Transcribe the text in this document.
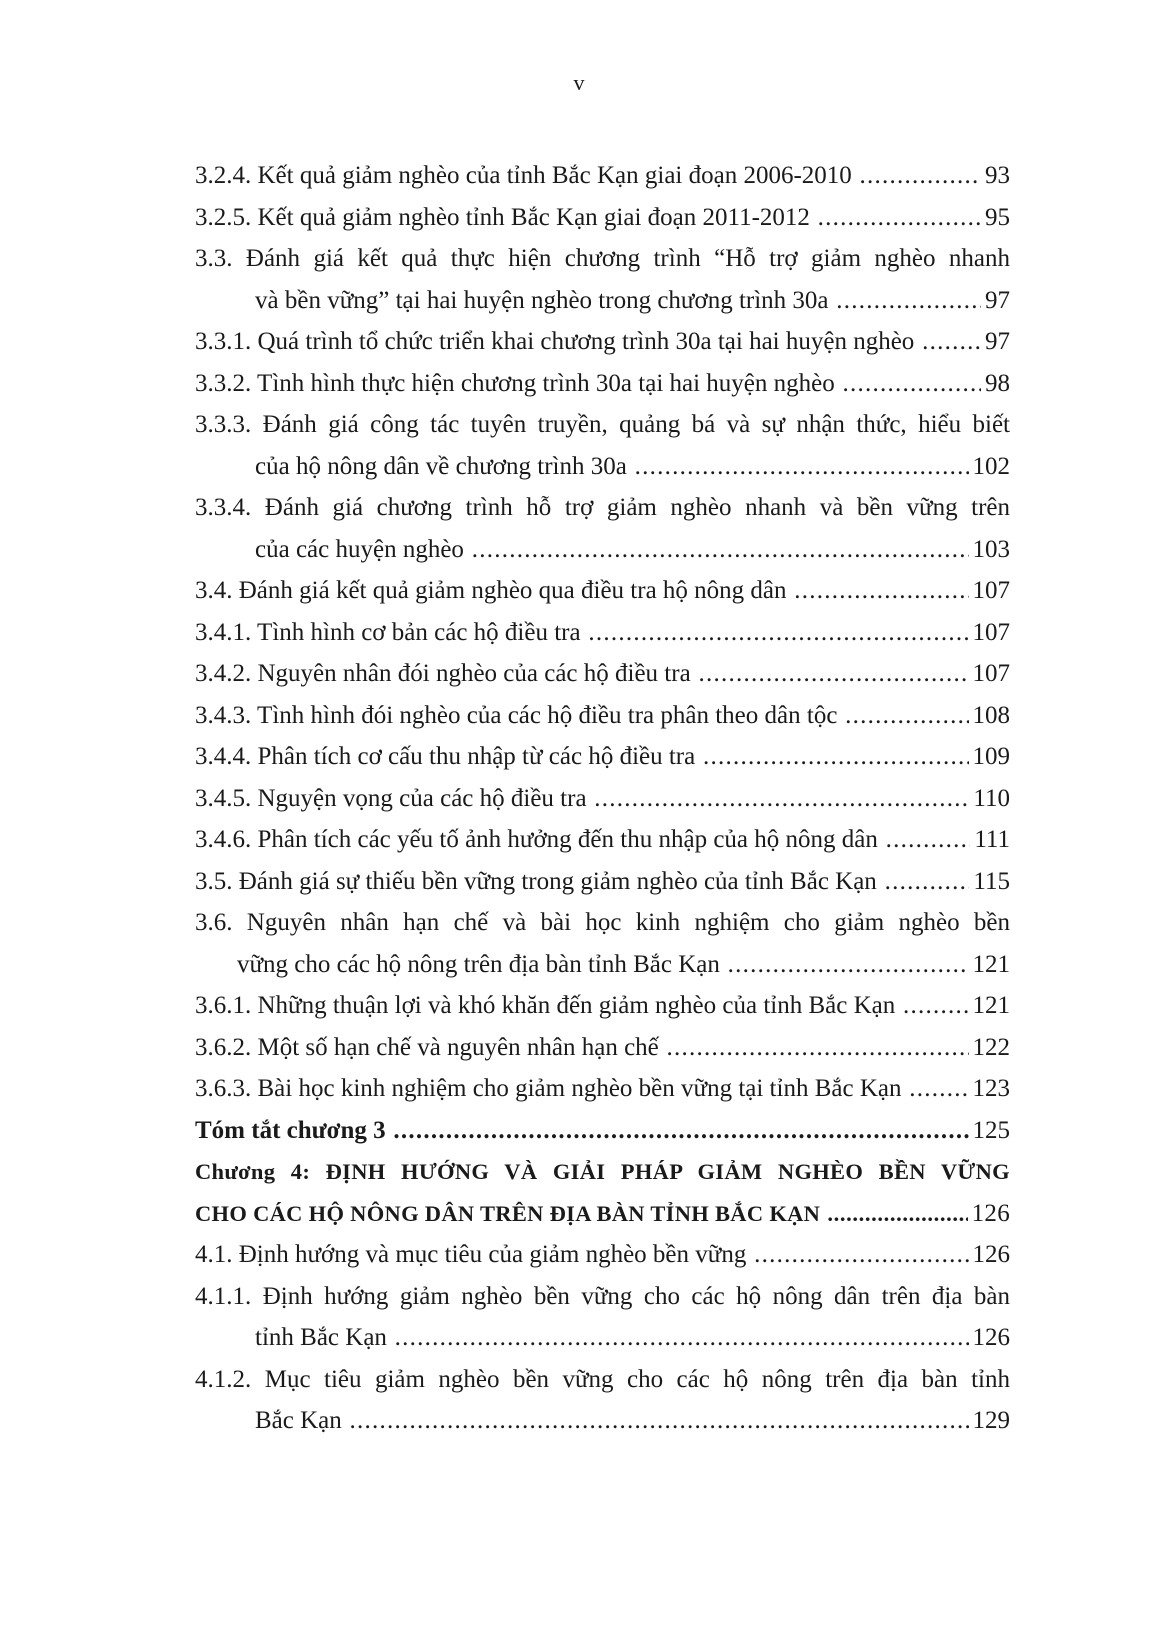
v
3.2.4. Kết quả giảm nghèo của tỉnh Bắc Kạn giai đoạn 2006-2010 . . .	93
3.2.5. Kết quả giảm nghèo tỉnh Bắc Kạn giai đoạn 2011-2012 . . .	95
3.3. Đánh giá kết quả thực hiện chương trình “Hỗ trợ giảm nghèo nhanh
và bền vững” tại hai huyện nghèo trong chương trình 30a . . .	97
3.3.1. Quá trình tổ chức triển khai chương trình 30a tại hai huyện nghèo . . .	97
3.3.2. Tình hình thực hiện chương trình 30a tại hai huyện nghèo . . .	98
3.3.3. Đánh giá công tác tuyên truyền, quảng bá và sự nhận thức, hiểu biết
của hộ nông dân về chương trình 30a . . .	102
3.3.4. Đánh giá chương trình hỗ trợ giảm nghèo nhanh và bền vững trên
của các huyện nghèo . . .	103
3.4. Đánh giá kết quả giảm nghèo qua điều tra hộ nông dân . . .	107
3.4.1. Tình hình cơ bản các hộ điều tra . . .	107
3.4.2. Nguyên nhân đói nghèo của các hộ điều tra . . .	107
3.4.3. Tình hình đói nghèo của các hộ điều tra phân theo dân tộc . . .	108
3.4.4. Phân tích cơ cấu thu nhập từ các hộ điều tra . . .	109
3.4.5. Nguyện vọng của các hộ điều tra . . .	110
3.4.6. Phân tích các yếu tố ảnh hưởng đến thu nhập của hộ nông dân . . .	111
3.5. Đánh giá sự thiếu bền vững trong giảm nghèo của tỉnh Bắc Kạn . . .	115
3.6. Nguyên nhân hạn chế và bài học kinh nghiệm cho giảm nghèo bền
vững cho các hộ nông trên địa bàn tỉnh Bắc Kạn . . .	121
3.6.1. Những thuận lợi và khó khăn đến giảm nghèo của tỉnh Bắc Kạn . . .	121
3.6.2. Một số hạn chế và nguyên nhân hạn chế . . .	122
3.6.3. Bài học kinh nghiệm cho giảm nghèo bền vững tại tỉnh Bắc Kạn . . .	123
Tóm tắt chương 3 . . .	125
Chương 4: ĐỊNH HƯỚNG VÀ GIẢI PHÁP GIẢM NGHÈO BỀN VỮNG
CHO CÁC HỘ NÔNG DÂN TRÊN ĐỊA BÀN TỈNH BẮC KẠN . . .	126
4.1. Định hướng và mục tiêu của giảm nghèo bền vững . . .	126
4.1.1. Định hướng giảm nghèo bền vững cho các hộ nông dân trên địa bàn
tỉnh Bắc Kạn . . .	126
4.1.2. Mục tiêu giảm nghèo bền vững cho các hộ nông trên địa bàn tỉnh
Bắc Kạn . . .	129
